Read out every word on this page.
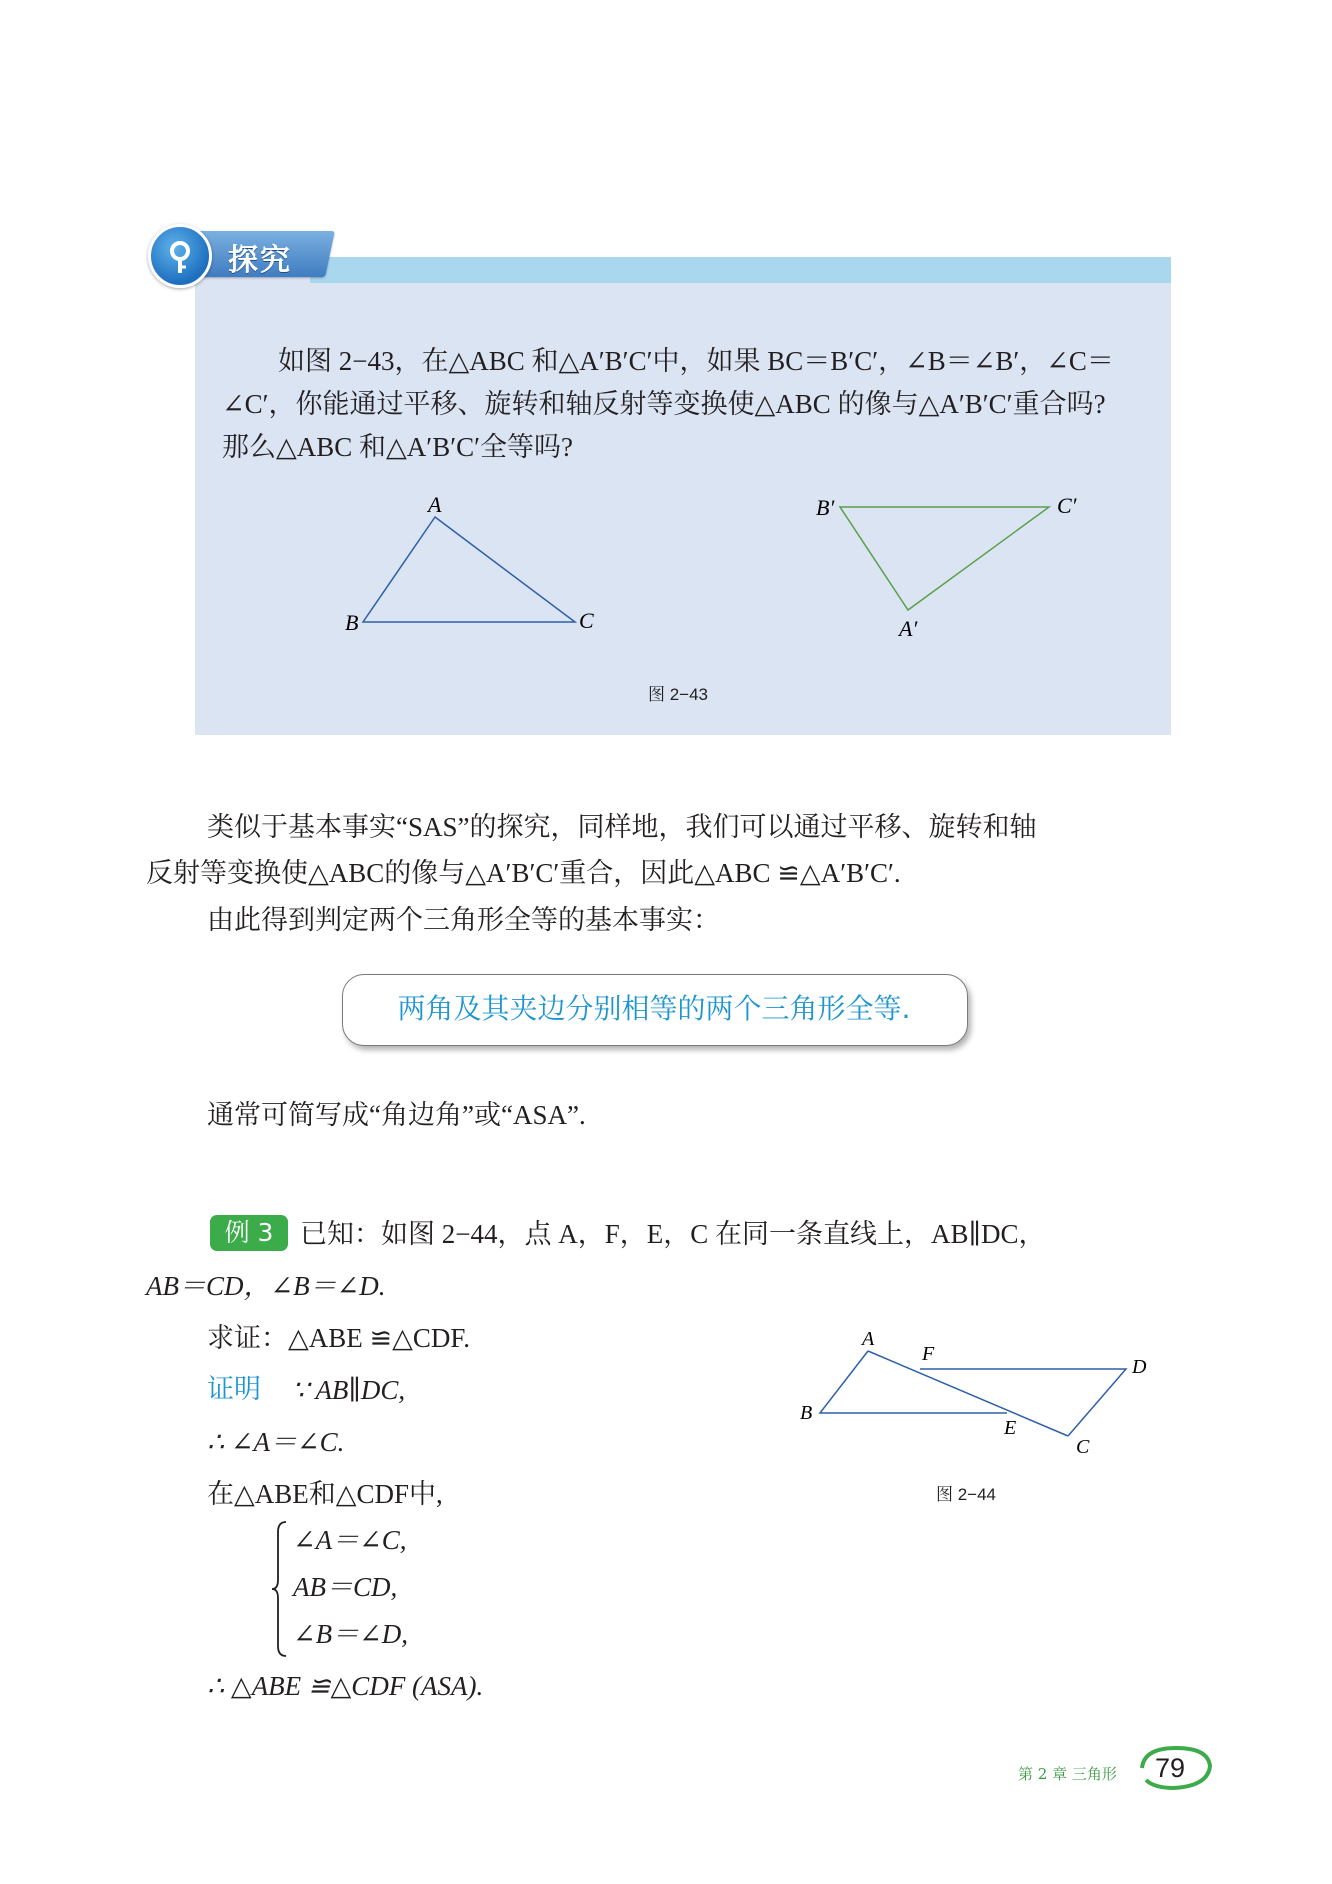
探究
如图 2−43，在△ABC 和△A′B′C′中，如果 BC＝B′C′，∠B＝∠B′，∠C＝
∠C′，你能通过平移、旋转和轴反射等变换使△ABC 的像与△A′B′C′重合吗?
那么△ABC 和△A′B′C′全等吗?
A
B	C
B′	C′
A′
图 2−43
类似于基本事实“SAS”的探究，同样地，我们可以通过平移、旋转和轴
反射等变换使△ABC的像与△A′B′C′重合，因此△ABC ≌△A′B′C′.
由此得到判定两个三角形全等的基本事实：
两角及其夹边分别相等的两个三角形全等.
通常可简写成“角边角”或“ASA”.
例 3 已知：如图 2−44，点 A，F，E，C 在同一条直线上，AB∥DC，
AB＝CD，∠B＝∠D.
求证：△ABE ≌△CDF.
证明 ∵ AB∥DC,
∴ ∠A＝∠C.
在△ABE和△CDF中,
∠A＝∠C,
AB＝CD,
∠B＝∠D,
∴ △ABE ≌△CDF (ASA).
A
F
D
B
E
C
图 2−44
第 2 章 三角形	79
